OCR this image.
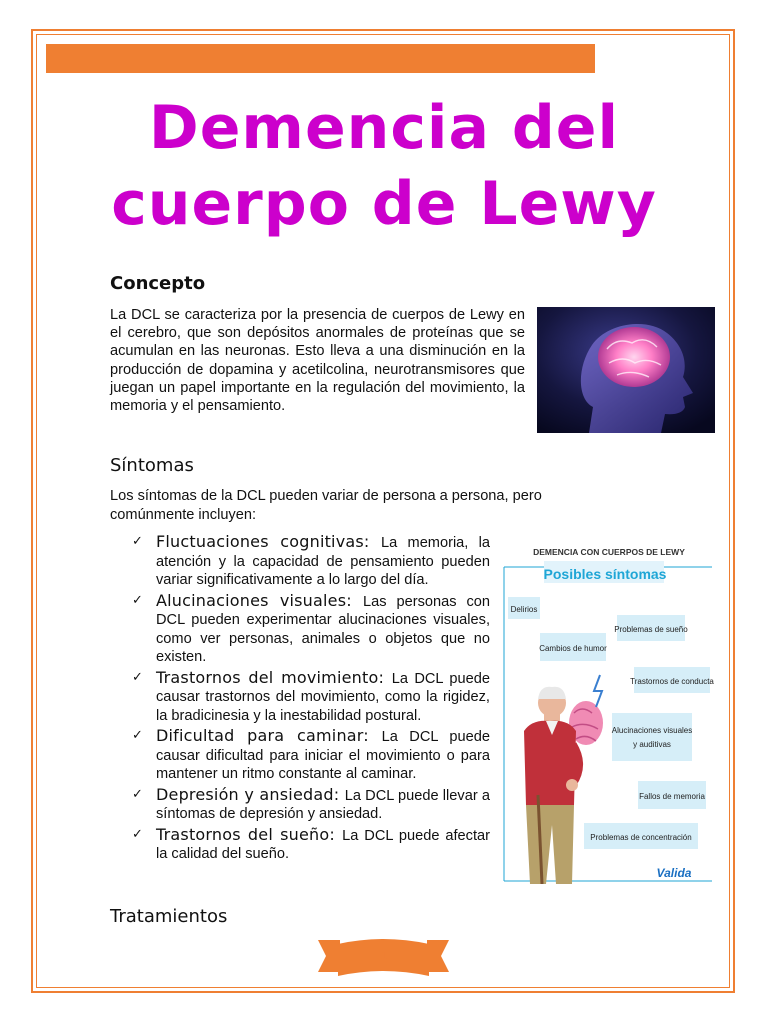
Demencia del cuerpo de Lewy
Concepto

La DCL se caracteriza por la presencia de cuerpos de Lewy en el cerebro, que son depósitos anormales de proteínas que se acumulan en las neuronas. Esto lleva a una disminución en la producción de dopamina y acetilcolina, neurotransmisores que juegan un papel importante en la regulación del movimiento, la memoria y el pensamiento.

Síntomas

Los síntomas de la DCL pueden variar de persona a persona, pero comúnmente incluyen:

✓ Fluctuaciones cognitivas: La memoria, la atención y la capacidad de pensamiento pueden variar significativamente a lo largo del día.
✓ Alucinaciones visuales: Las personas con DCL pueden experimentar alucinaciones visuales, como ver personas, animales o objetos que no existen.
✓ Trastornos del movimiento: La DCL puede causar trastornos del movimiento, como la rigidez, la bradicinesia y la inestabilidad postural.
✓ Dificultad para caminar: La DCL puede causar dificultad para iniciar el movimiento o para mantener un ritmo constante al caminar.
✓ Depresión y ansiedad: La DCL puede llevar a síntomas de depresión y ansiedad.
✓ Trastornos del sueño: La DCL puede afectar la calidad del sueño.
DEMENCIA CON CUERPOS DE LEWY
Posibles síntomas
Delirios
Problemas de sueño
Cambios de humor
Trastornos de conducta
Alucinaciones visuales
y auditivas
Fallos de memoria
Problemas de concentración
Valida
Tratamientos
1
